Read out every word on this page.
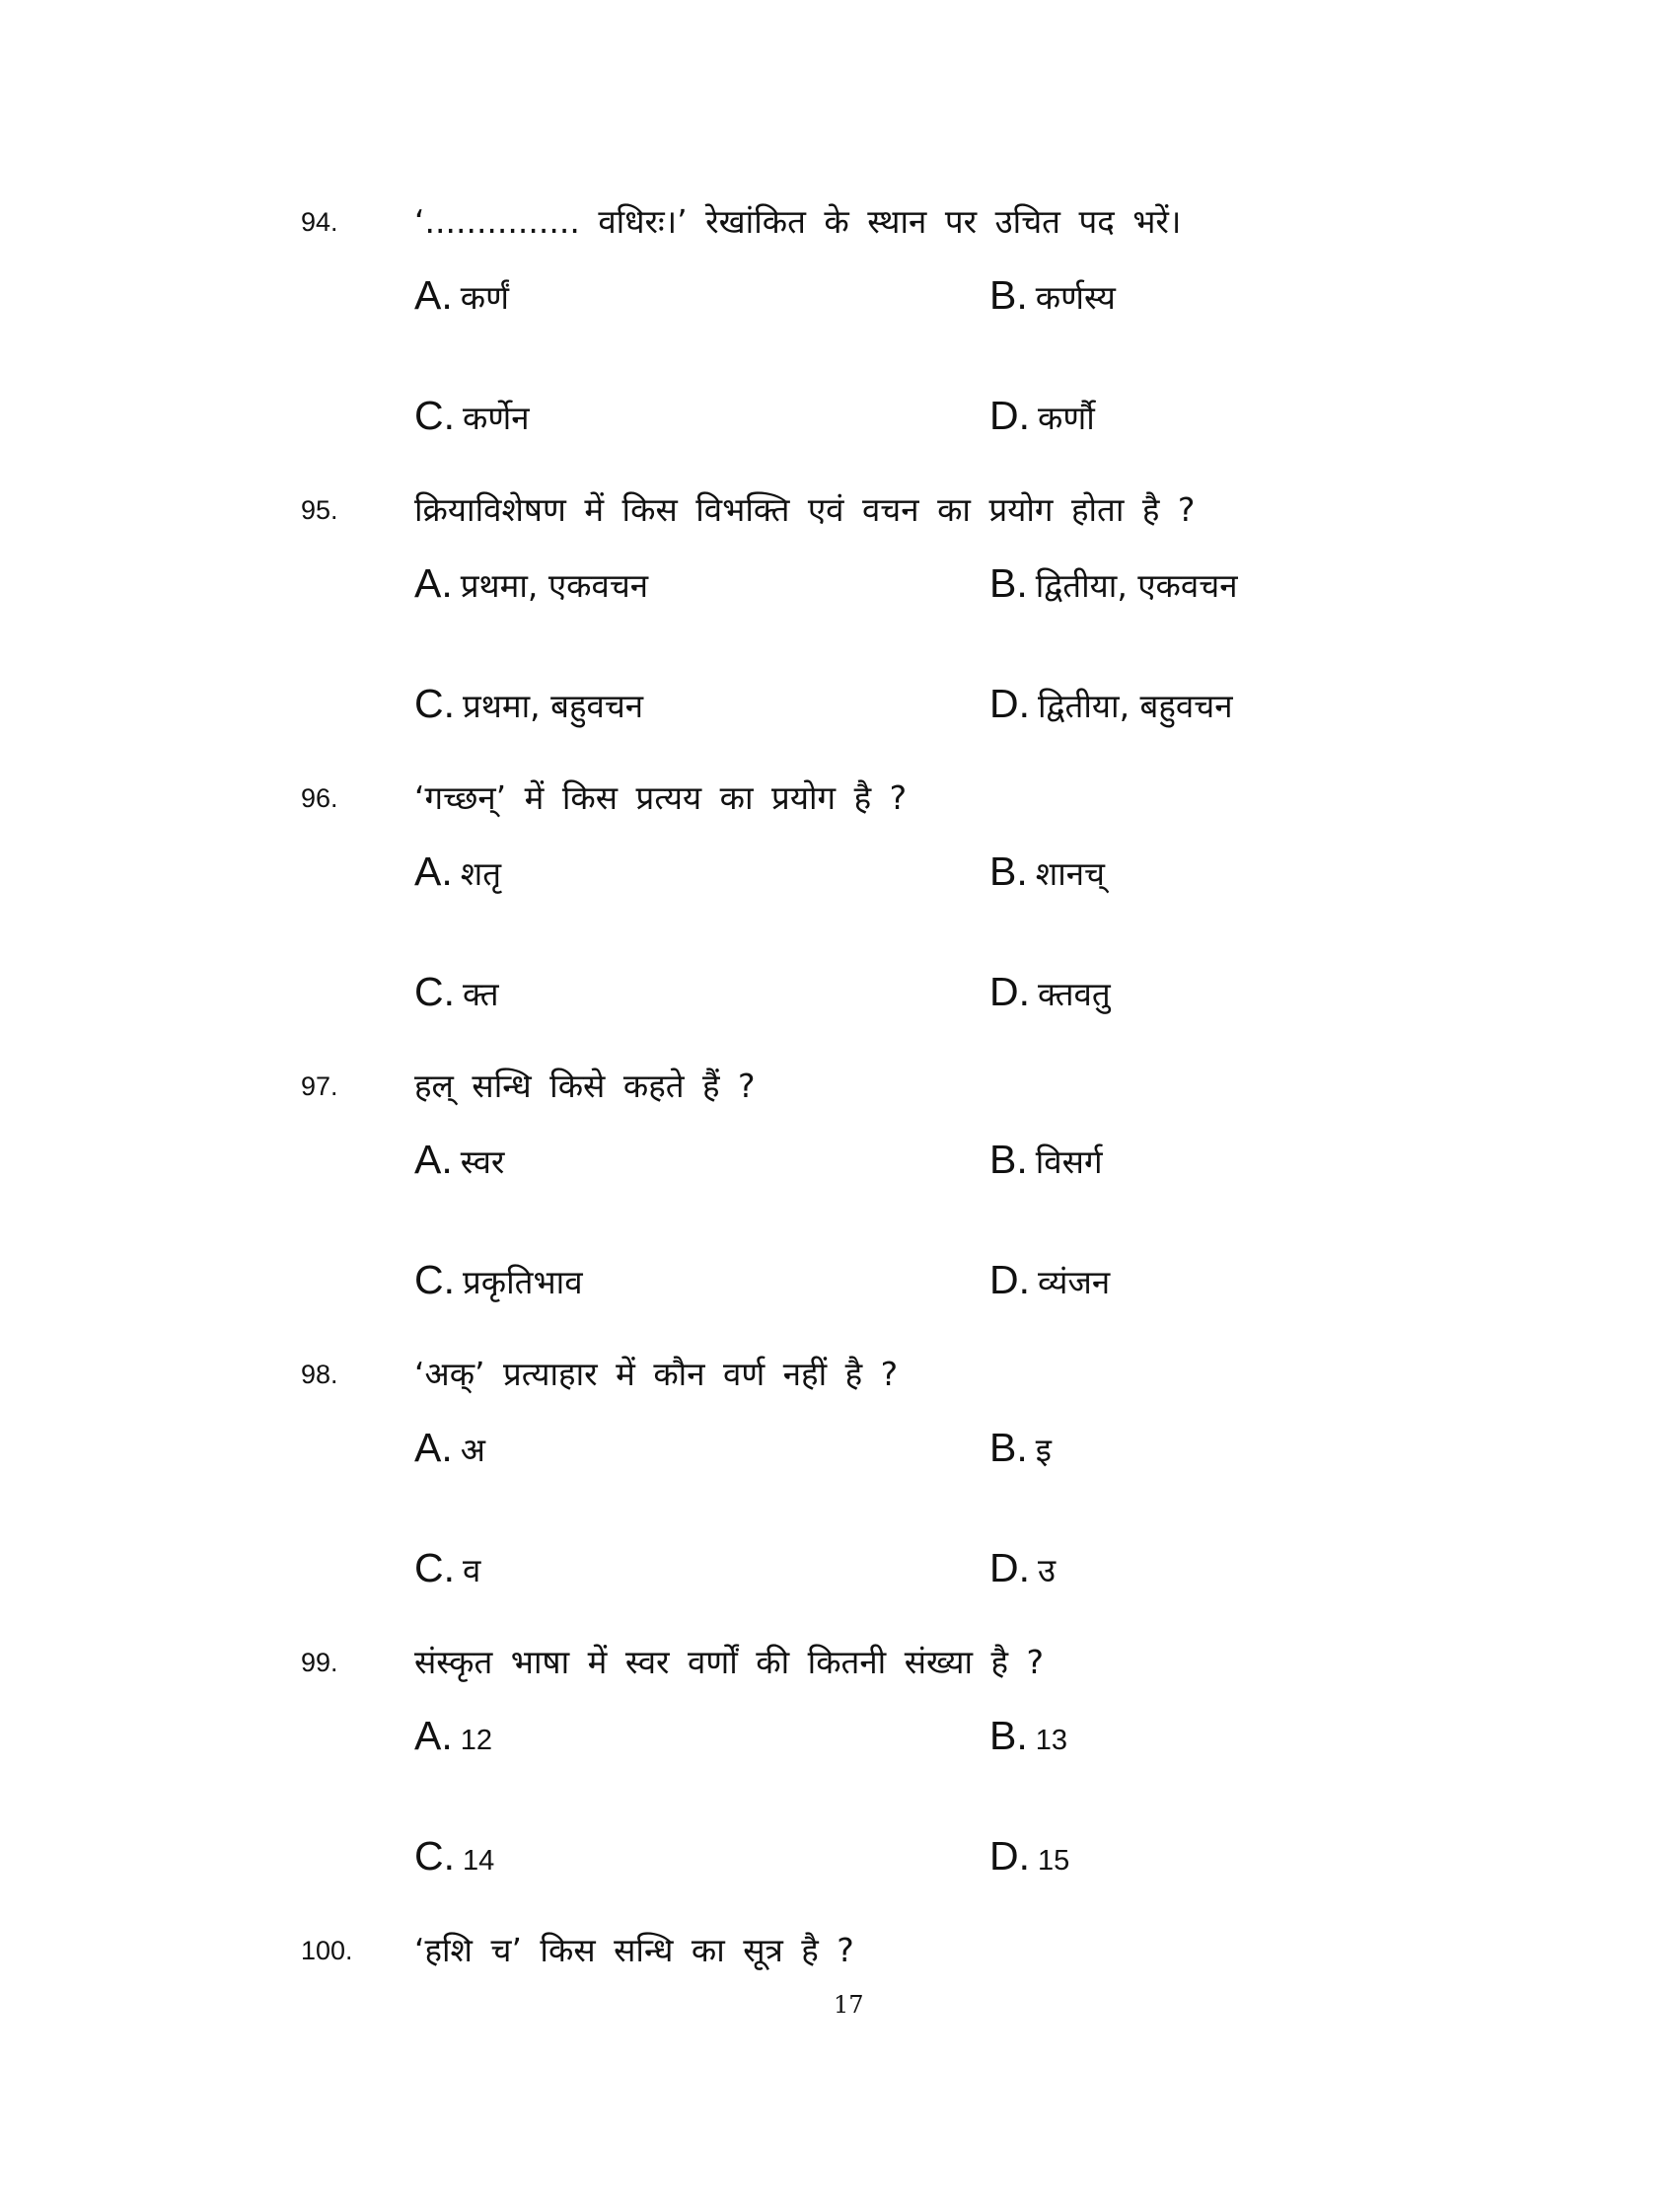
94. ‘............... वधिरः।’ रेखांकित के स्थान पर उचित पद भरें।
A. कर्णं	B. कर्णस्य
C. कर्णेन	D. कर्णौ
95. क्रियाविशेषण में किस विभक्ति एवं वचन का प्रयोग होता है ?
A. प्रथमा, एकवचन	B. द्वितीया, एकवचन
C. प्रथमा, बहुवचन	D. द्वितीया, बहुवचन
96. ‘गच्छन्’ में किस प्रत्यय का प्रयोग है ?
A. शतृ	B. शानच्
C. क्त	D. क्तवतु
97. हल् सन्धि किसे कहते हैं ?
A. स्वर	B. विसर्ग
C. प्रकृतिभाव	D. व्यंजन
98. ‘अक्’ प्रत्याहार में कौन वर्ण नहीं है ?
A. अ	B. इ
C. व	D. उ
99. संस्कृत भाषा में स्वर वर्णों की कितनी संख्या है ?
A. 12	B. 13
C. 14	D. 15
100. ‘हशि च’ किस सन्धि का सूत्र है ?
17
